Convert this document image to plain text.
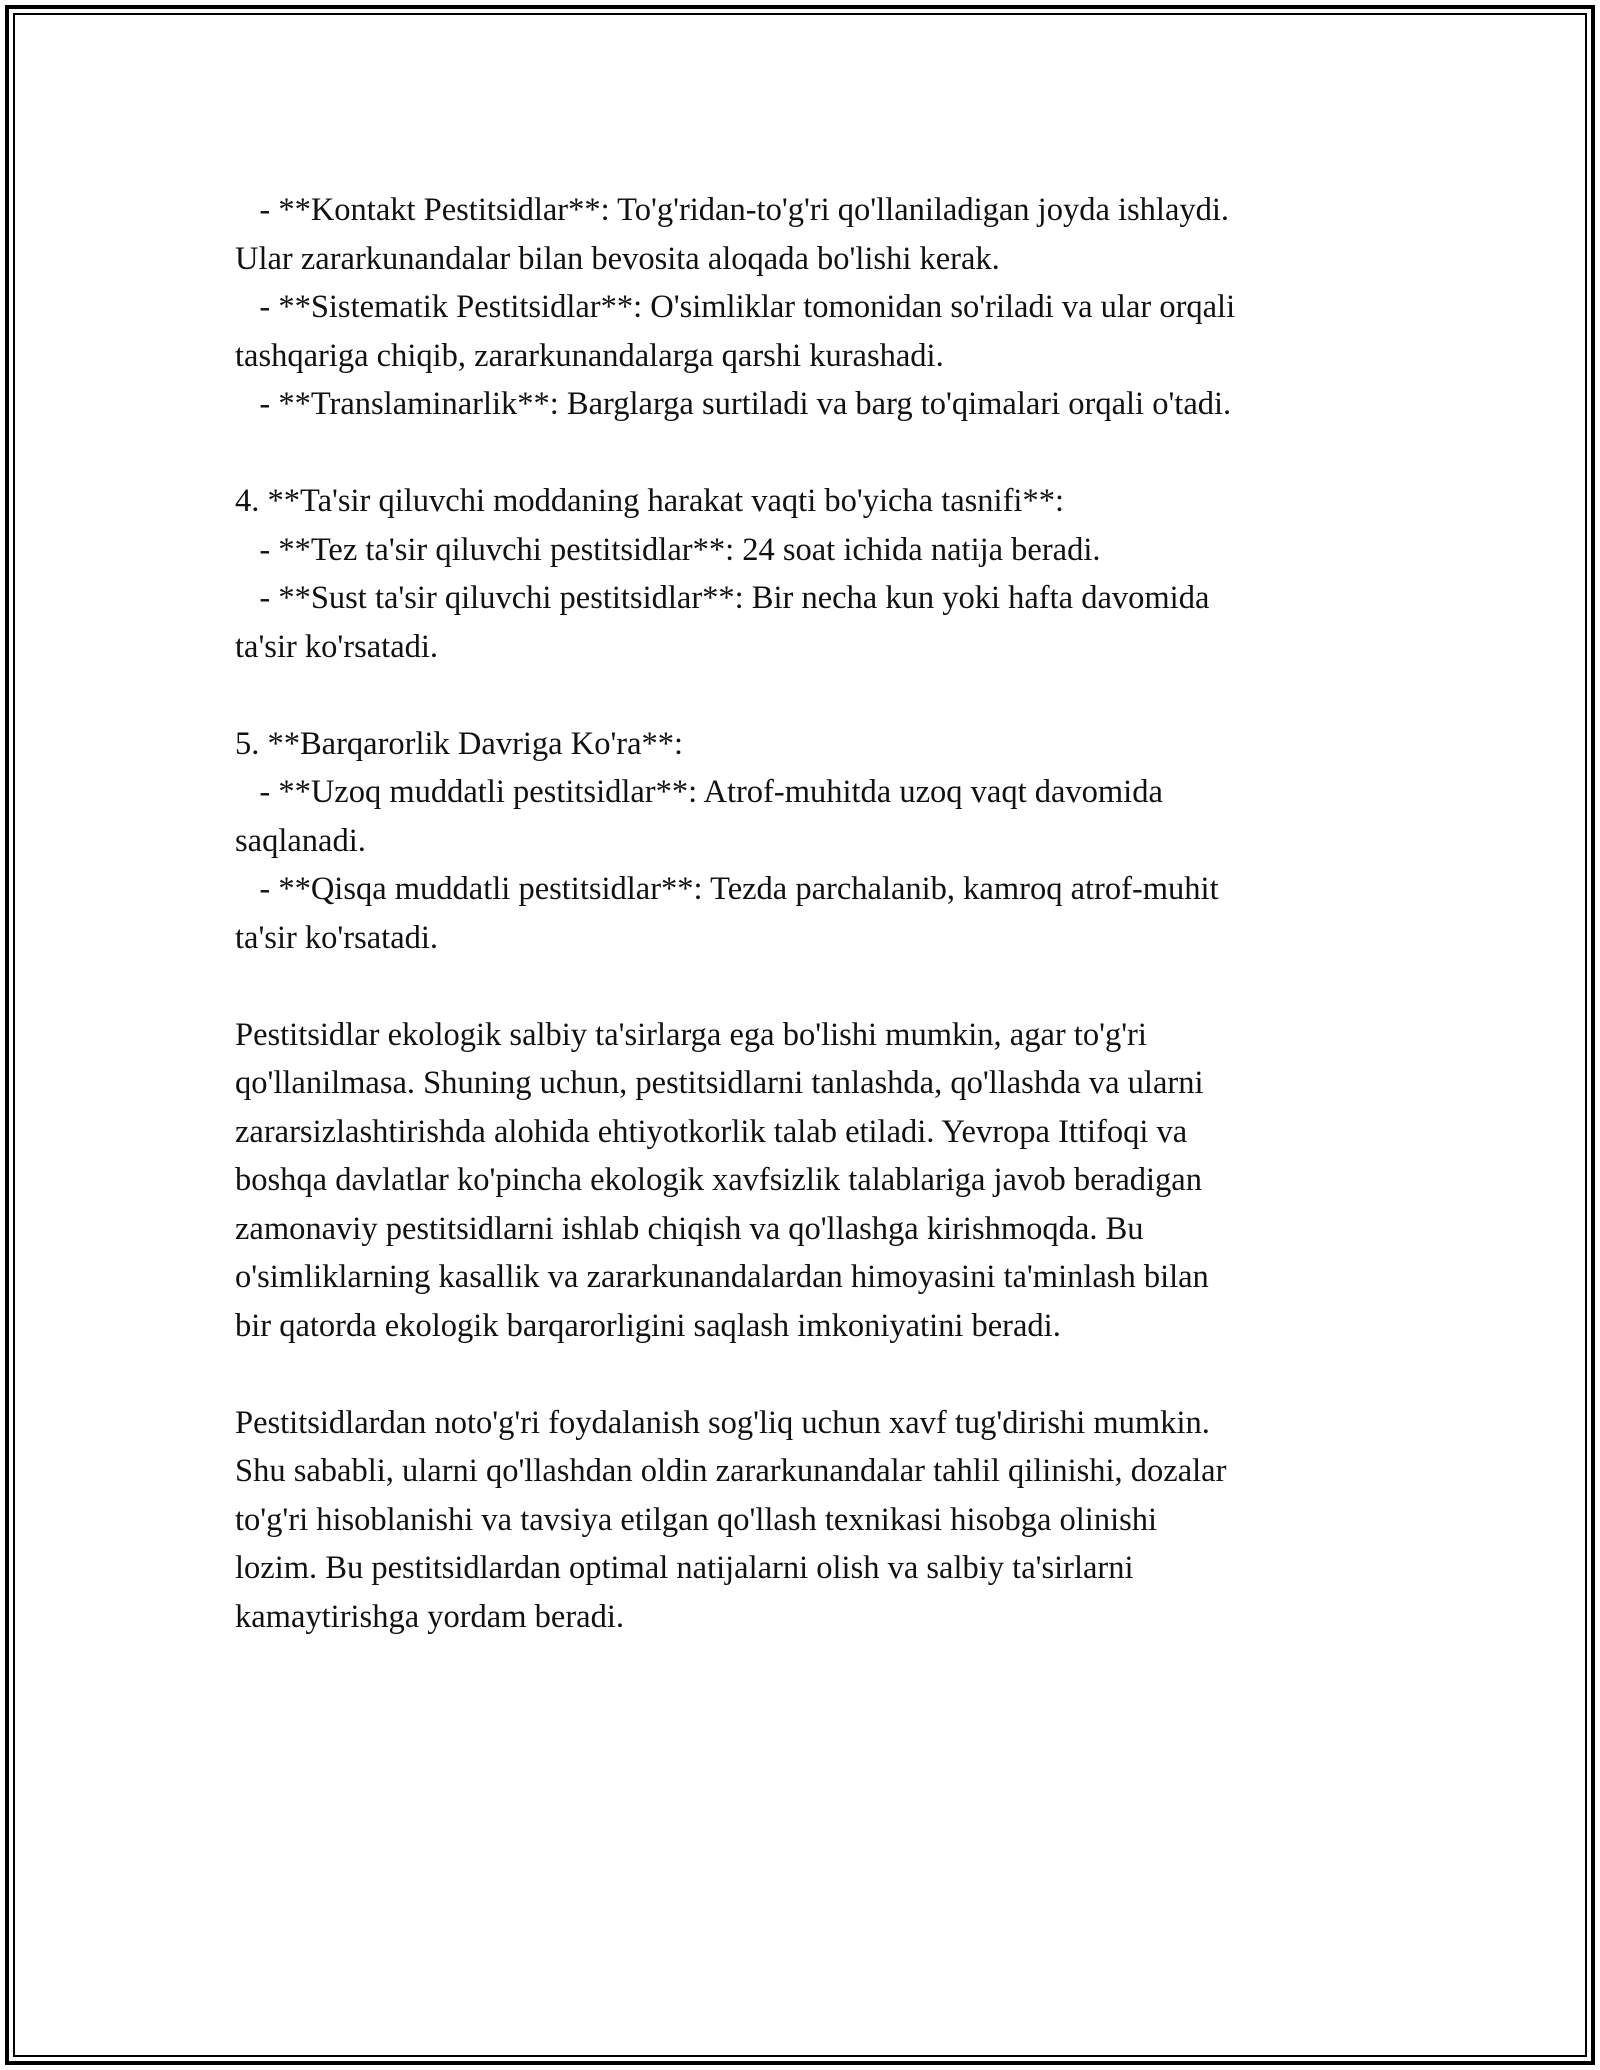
- **Kontakt Pestitsidlar**: To'g'ridan-to'g'ri qo'llaniladigan joyda ishlaydi.
Ular zararkunandalar bilan bevosita aloqada bo'lishi kerak.
- **Sistematik Pestitsidlar**: O'simliklar tomonidan so'riladi va ular orqali
tashqariga chiqib, zararkunandalarga qarshi kurashadi.
- **Translaminarlik**: Barglarga surtiladi va barg to'qimalari orqali o'tadi.
4. **Ta'sir qiluvchi moddaning harakat vaqti bo'yicha tasnifi**:
- **Tez ta'sir qiluvchi pestitsidlar**: 24 soat ichida natija beradi.
- **Sust ta'sir qiluvchi pestitsidlar**: Bir necha kun yoki hafta davomida
ta'sir ko'rsatadi.
5. **Barqarorlik Davriga Ko'ra**:
- **Uzoq muddatli pestitsidlar**: Atrof-muhitda uzoq vaqt davomida
saqlanadi.
- **Qisqa muddatli pestitsidlar**: Tezda parchalanib, kamroq atrof-muhit
ta'sir ko'rsatadi.
Pestitsidlar ekologik salbiy ta'sirlarga ega bo'lishi mumkin, agar to'g'ri
qo'llanilmasa. Shuning uchun, pestitsidlarni tanlashda, qo'llashda va ularni
zararsizlashtirishda alohida ehtiyotkorlik talab etiladi. Yevropa Ittifoqi va
boshqa davlatlar ko'pincha ekologik xavfsizlik talablariga javob beradigan
zamonaviy pestitsidlarni ishlab chiqish va qo'llashga kirishmoqda. Bu
o'simliklarning kasallik va zararkunandalardan himoyasini ta'minlash bilan
bir qatorda ekologik barqarorligini saqlash imkoniyatini beradi.
Pestitsidlardan noto'g'ri foydalanish sog'liq uchun xavf tug'dirishi mumkin.
Shu sababli, ularni qo'llashdan oldin zararkunandalar tahlil qilinishi, dozalar
to'g'ri hisoblanishi va tavsiya etilgan qo'llash texnikasi hisobga olinishi
lozim. Bu pestitsidlardan optimal natijalarni olish va salbiy ta'sirlarni
kamaytirishga yordam beradi.
